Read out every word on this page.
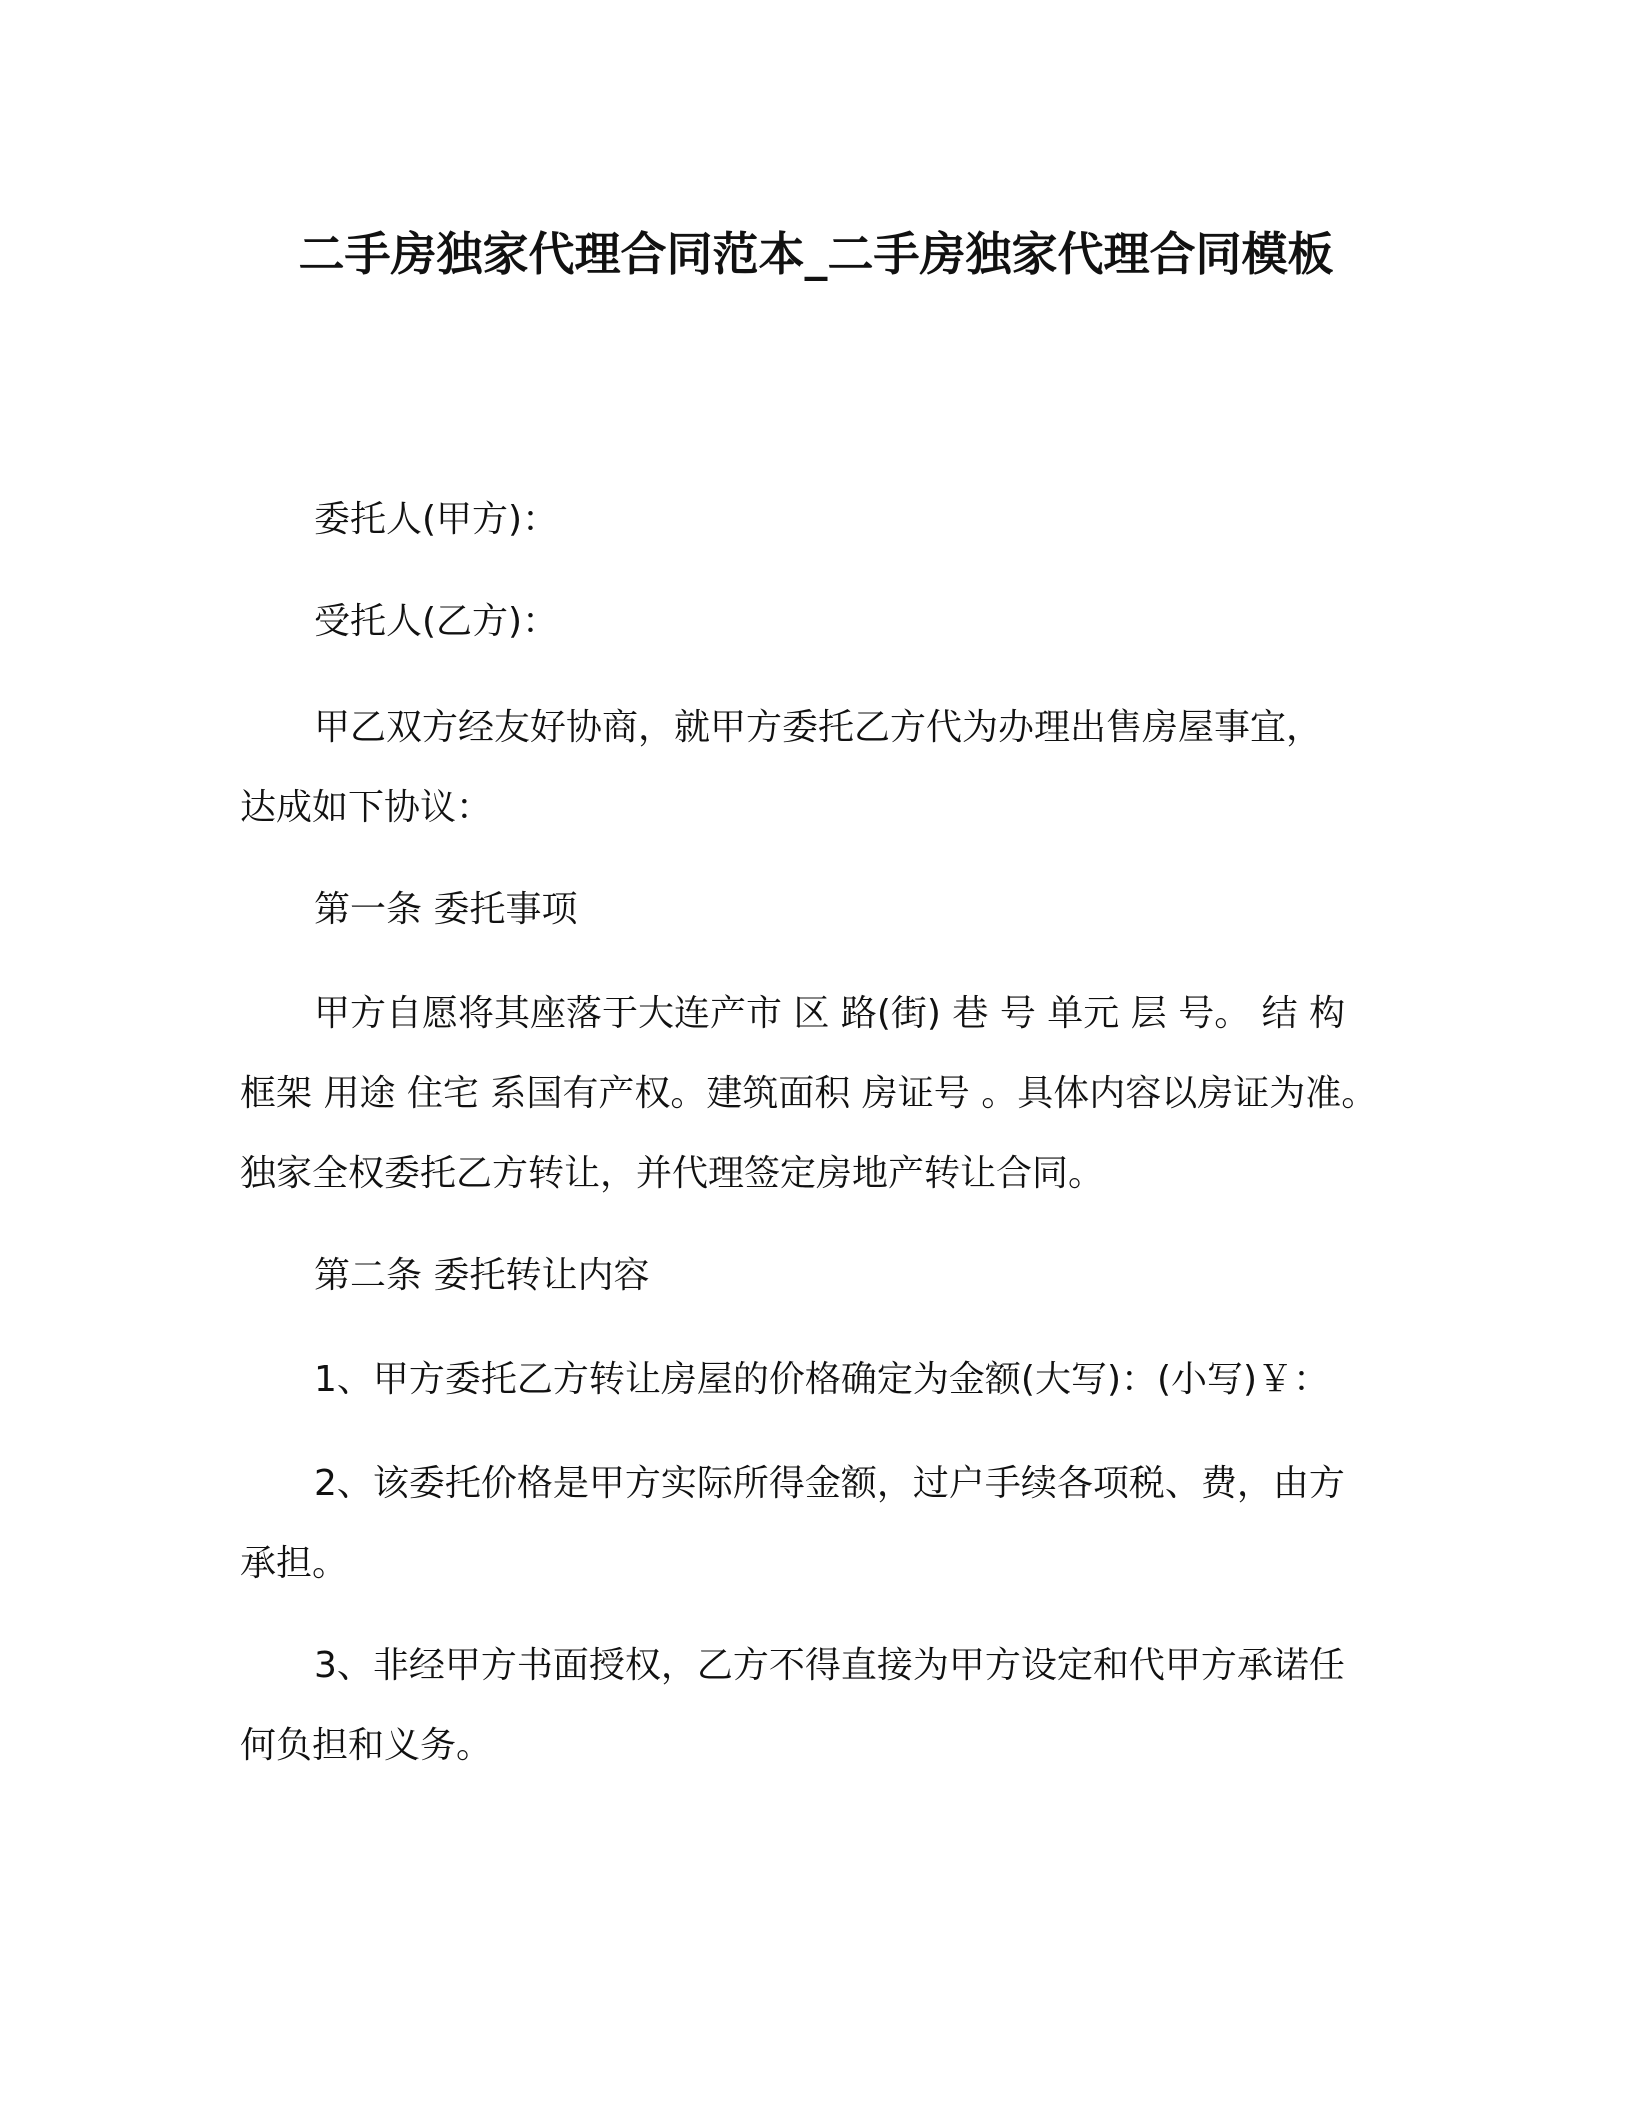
二手房独家代理合同范本_二手房独家代理合同模板
委托人(甲方)：
受托人(乙方)：
甲乙双方经友好协商，就甲方委托乙方代为办理出售房屋事宜，
达成如下协议：
第一条 委托事项
甲方自愿将其座落于大连产市 区 路(街) 巷 号 单元 层 号。 结 构
框架 用途 住宅 系国有产权。建筑面积 房证号 。具体内容以房证为准。
独家全权委托乙方转让，并代理签定房地产转让合同。
第二条 委托转让内容
1、甲方委托乙方转让房屋的价格确定为金额(大写)：(小写)￥：
2、该委托价格是甲方实际所得金额，过户手续各项税、费，由方
承担。
3、非经甲方书面授权，乙方不得直接为甲方设定和代甲方承诺任
何负担和义务。
